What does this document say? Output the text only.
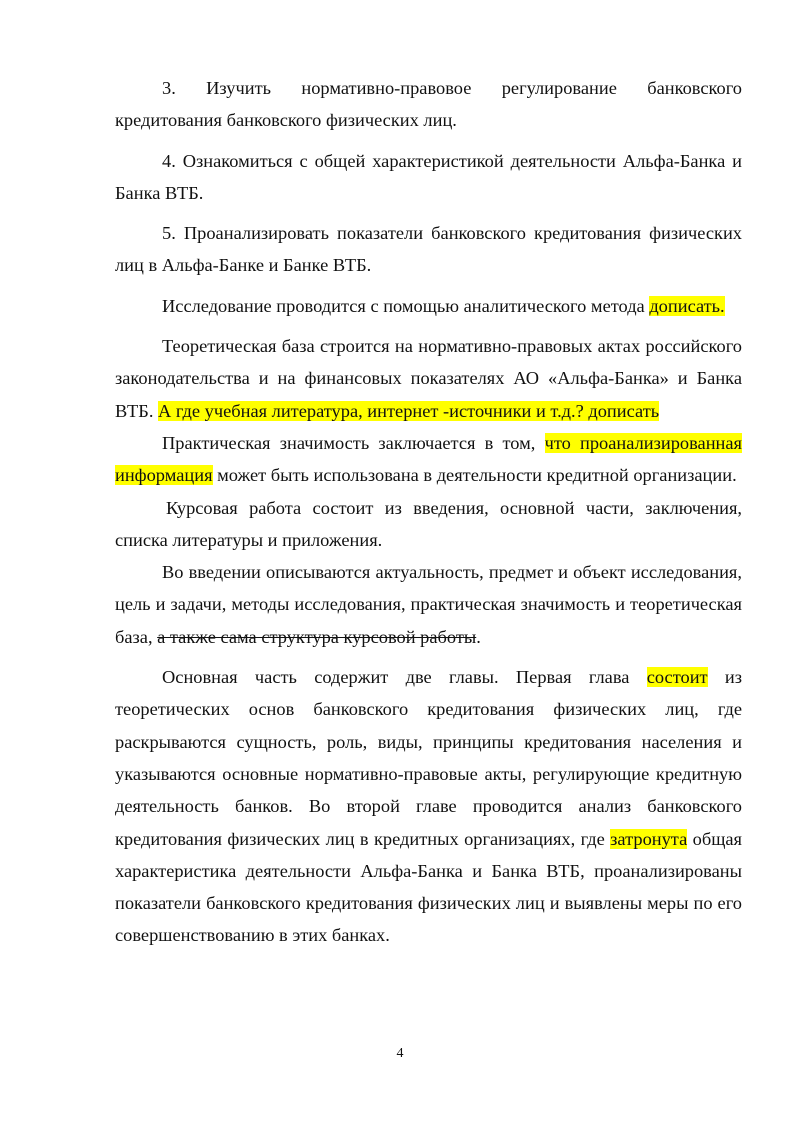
3. Изучить нормативно-правовое регулирование банковского кредитования банковского физических лиц.

4. Ознакомиться с общей характеристикой деятельности Альфа-Банка и Банка ВТБ.

5. Проанализировать показатели банковского кредитования физических лиц в Альфа-Банке и Банке ВТБ.

Исследование проводится с помощью аналитического метода дописать.

Теоретическая база строится на нормативно-правовых актах российского законодательства и на финансовых показателях АО «Альфа-Банка» и Банка ВТБ. А где учебная литература, интернет -источники и т.д.? дописать

Практическая значимость заключается в том, что проанализированная информация может быть использована в деятельности кредитной организации.

Курсовая работа состоит из введения, основной части, заключения, списка литературы и приложения.

Во введении описываются актуальность, предмет и объект исследования, цель и задачи, методы исследования, практическая значимость и теоретическая база, а также сама структура курсовой работы.

Основная часть содержит две главы. Первая глава состоит из теоретических основ банковского кредитования физических лиц, где раскрываются сущность, роль, виды, принципы кредитования населения и указываются основные нормативно-правовые акты, регулирующие кредитную деятельность банков. Во второй главе проводится анализ банковского кредитования физических лиц в кредитных организациях, где затронута общая характеристика деятельности Альфа-Банка и Банка ВТБ, проанализированы показатели банковского кредитования физических лиц и выявлены меры по его совершенствованию в этих банках.

4
